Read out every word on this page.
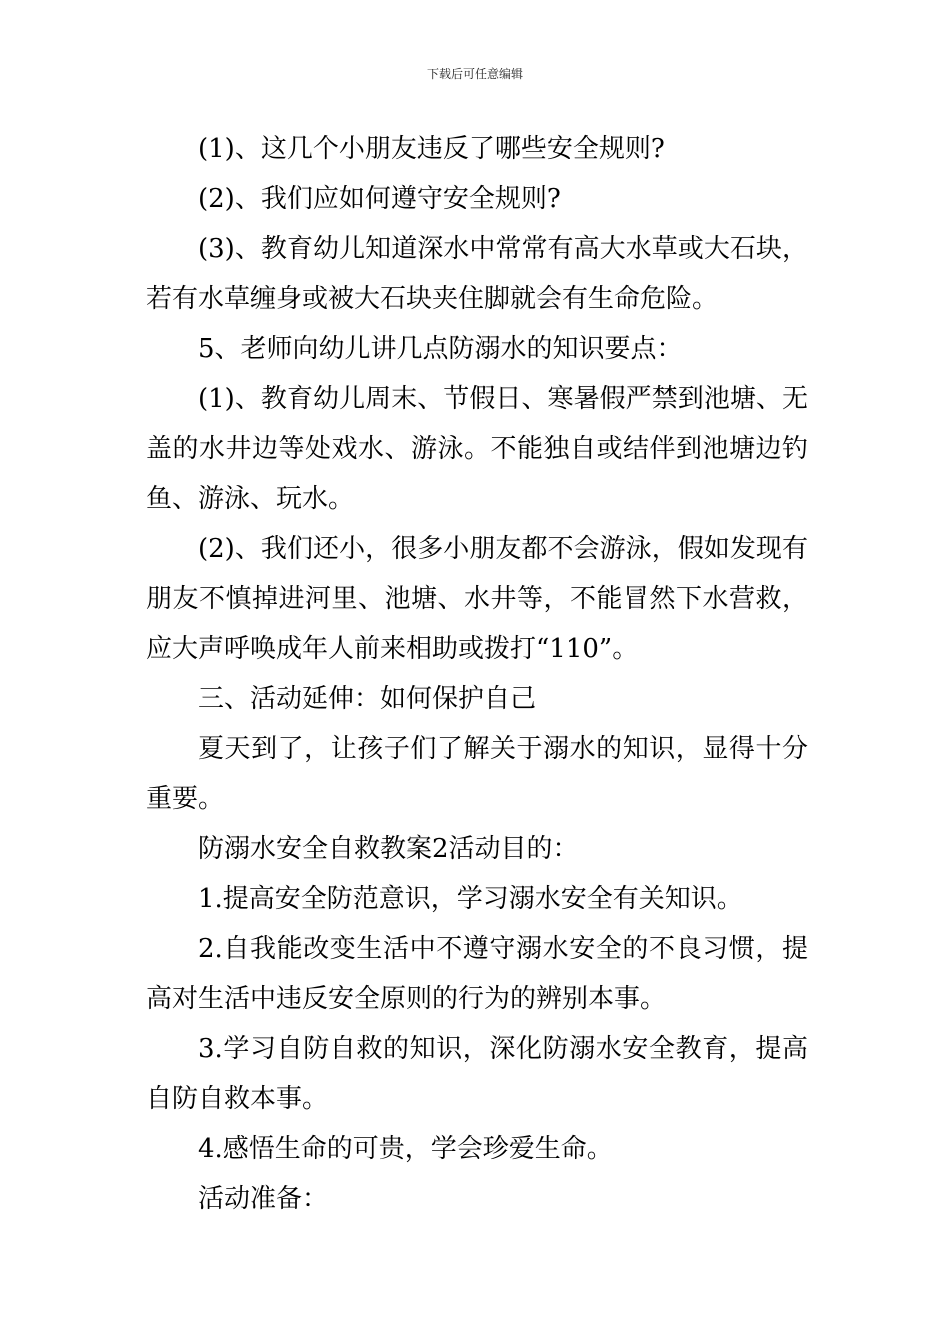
下载后可任意编辑

(1)、这几个小朋友违反了哪些安全规则?

(2)、我们应如何遵守安全规则?

(3)、教育幼儿知道深水中常常有高大水草或大石块，若有水草缠身或被大石块夹住脚就会有生命危险。

5、老师向幼儿讲几点防溺水的知识要点：

(1)、教育幼儿周末、节假日、寒暑假严禁到池塘、无盖的水井边等处戏水、游泳。不能独自或结伴到池塘边钓鱼、游泳、玩水。

(2)、我们还小，很多小朋友都不会游泳，假如发现有朋友不慎掉进河里、池塘、水井等，不能冒然下水营救，应大声呼唤成年人前来相助或拨打“110”。

三、活动延伸：如何保护自己

夏天到了，让孩子们了解关于溺水的知识，显得十分重要。

防溺水安全自救教案2活动目的：

1.提高安全防范意识，学习溺水安全有关知识。

2.自我能改变生活中不遵守溺水安全的不良习惯，提高对生活中违反安全原则的行为的辨别本事。

3.学习自防自救的知识，深化防溺水安全教育，提高自防自救本事。

4.感悟生命的可贵，学会珍爱生命。

活动准备：
